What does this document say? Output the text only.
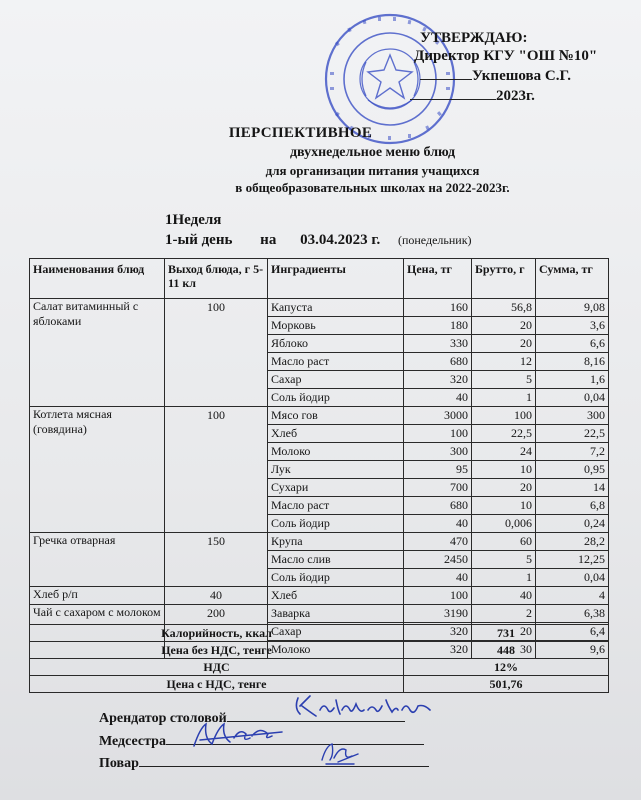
УТВЕРЖДАЮ:
Директор КГУ "ОШ №10"
Укпешова С.Г.
2023г.
ПЕРСПЕКТИВНОЕ
двухнедельное меню блюд
для организации питания учащихся
в общеобразовательных школах на 2022-2023г.
1Неделя
1-ый день на 03.04.2023 г. (понедельник)
Наименования блюд	Выход блюда, г 5-11 кл	Инградиенты	Цена, тг	Брутто, г	Сумма, тг
Салат витаминный с яблоками	100	Капуста	160	56,8	9,08
		Морковь	180	20	3,6
		Яблоко	330	20	6,6
		Масло раст	680	12	8,16
		Сахар	320	5	1,6
		Соль йодир	40	1	0,04
Котлета мясная (говядина)	100	Мясо гов	3000	100	300
		Хлеб	100	22,5	22,5
		Молоко	300	24	7,2
		Лук	95	10	0,95
		Сухари	700	20	14
		Масло раст	680	10	6,8
		Соль йодир	40	0,006	0,24
Гречка отварная	150	Крупа	470	60	28,2
		Масло слив	2450	5	12,25
		Соль йодир	40	1	0,04
Хлеб р/п	40	Хлеб	100	40	4
Чай с сахаром с молоком	200	Заварка	3190	2	6,38
		Сахар	320	20	6,4
		Молоко	320	30	9,6
Калорийность, ккал	731
Цена без НДС, тенге	448
НДС	12%
Цена с НДС, тенге	501,76
Арендатор столовой
Медсестра
Повар
